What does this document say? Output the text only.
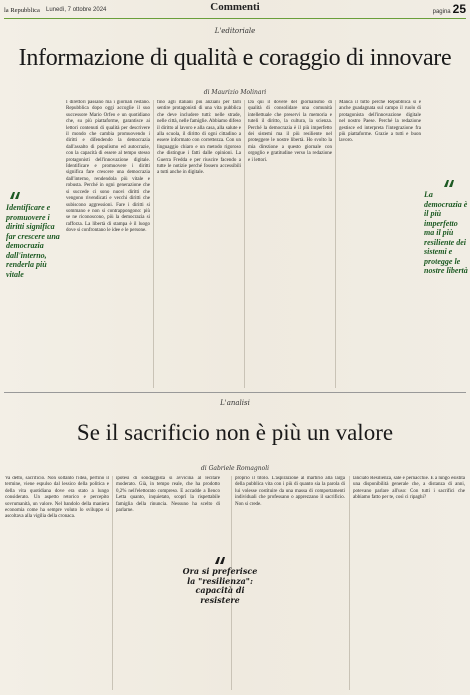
la Repubblica Lunedì, 7 ottobre 2024	Commenti	pagina 25
L'editoriale
Informazione di qualità e coraggio di innovare
di Maurizio Molinari

I direttori passano ma i giornali restano. Repubblica dopo oggi accoglie il suo successore Mario Orfeo e un quotidiano che, su più piattaforme, garantisce ai lettori contenuti di qualità per descrivere il mondo che cambia promuovendo i diritti e difendendo la democrazia dall'assalto di populismo ed autocrazie, con la capacità di essere al tempo stesso protagonisti dell'innovazione digitale. Identificare e promuovere i diritti significa fare crescere una democrazia dall'interno, rendendola più vitale e robusta. Perché in ogni generazione che si succede ci sono nuovi diritti che vengono rivendicati e vecchi diritti che subiscono aggressioni. Fare i diritti si sommano e non si contrappongono: più se ne riconoscono, più la democrazia si rafforza. La libertà di stampa è il luogo dove si confrontano le idee e le persone.

fino agli italiani più anziani per farli sentire protagonisti di una vita pubblica che deve includere tutti: nelle strade, nelle città, nelle famiglie. Abbiamo difeso il diritto al lavoro e alla casa, alla salute e alla scuola, il diritto di ogni cittadino a essere informato con correttezza. Con un linguaggio chiaro e un metodo rigoroso che distingue i fatti dalle opinioni. La Guerra Fredda e per riuscire facendo a tutte le notizie perché fossero accessibili a tutti anche in digitale.

Da qui il dovere del giornalismo di qualità di consolidare una comunità intellettuale che preservi la memoria e tuteli il diritto, la cultura, la scienza. Perché la democrazia è il più imperfetto dei sistemi ma il più resiliente nel proteggere le nostre libertà. Ho svolto la mia direzione a questo giornale con orgoglio e gratitudine verso la redazione e i lettori.

Manca il tutto perché Repubblica si è anche guadagnata sul campo il ruolo di protagonista dell'innovazione digitale nel nostro Paese. Perché la redazione gestisce ed interpreta l'integrazione fra più piattaforme. Grazie a tutti e buon lavoro.

Identificare e promuovere i diritti significa far crescere una democrazia dall'interno, renderla più vitale
La democrazia è il più imperfetto ma il più resiliente dei sistemi e protegge le nostre libertà
L'analisi
Se il sacrificio non è più un valore
di Gabriele Romagnoli

Va detto, sacrificio. Non soltanto l'idea, perfino il termine, viene espulso dal lessico della politica e della vita quotidiana dove era stato a lungo considerato. Un aspetto retorico e percepito sovrumanità, un valore. Nel bandolo della maniera economia come ha sempre voluto lo sviluppo si ascoltava alla vigilia della cronaca.

ipotesi di sondaggista si avvicina al lecitare moderato. Già, in tempo reale, che ha prodotto 0,2% nell'elettorato compreso. E accadde a Ilenco Letta quanto, inquietato, scoprì la rispettabile famiglia della rinuncia. Nessuno ha scelto di parlarne.

proprio il titolo. L'aspirazione al martirio alla larga della pubblica vita con i più di quanto sia la parola di lui volesse costituire da una massa di comportamenti individuali che professano o apprezzano il sacrificio. Non si crede.

lanciato Resilienza, sale e pernacchie. È a lungo esistita una disponibilità generale che, a distanza di anni, potevano parlare all'uso: Con tutti i sacrifici che abbiamo fatto per te, così ci ripaghi?

Ora si preferisce la "resilienza": capacità di resistere
